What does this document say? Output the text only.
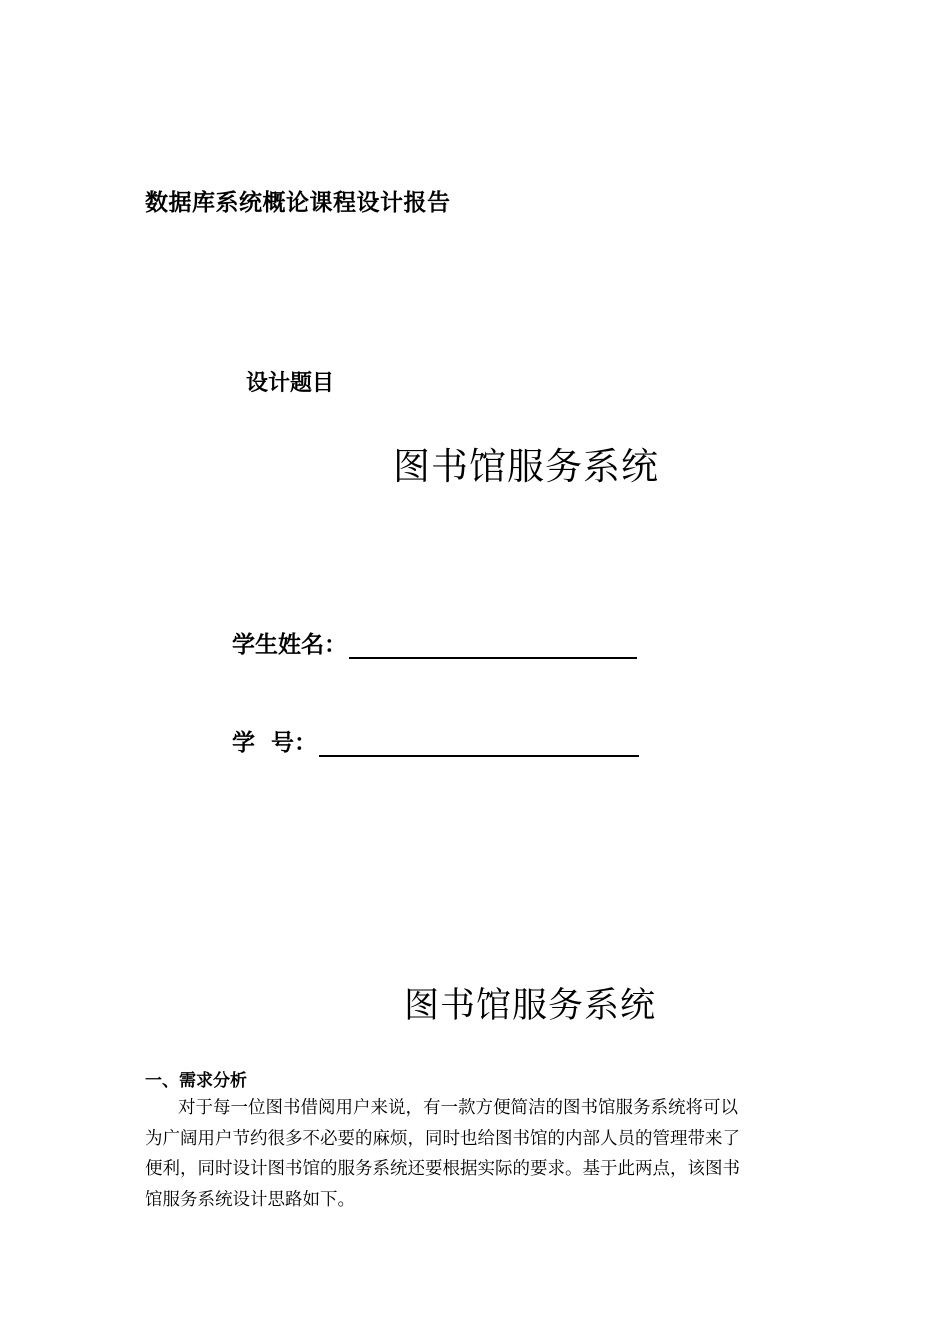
数据库系统概论课程设计报告
设计题目
图书馆服务系统
学生姓名：
学  号：
图书馆服务系统
一、需求分析
对于每一位图书借阅用户来说，有一款方便简洁的图书馆服务系统将可以
为广阔用户节约很多不必要的麻烦，同时也给图书馆的内部人员的管理带来了
便利，同时设计图书馆的服务系统还要根据实际的要求。基于此两点，该图书
馆服务系统设计思路如下。
